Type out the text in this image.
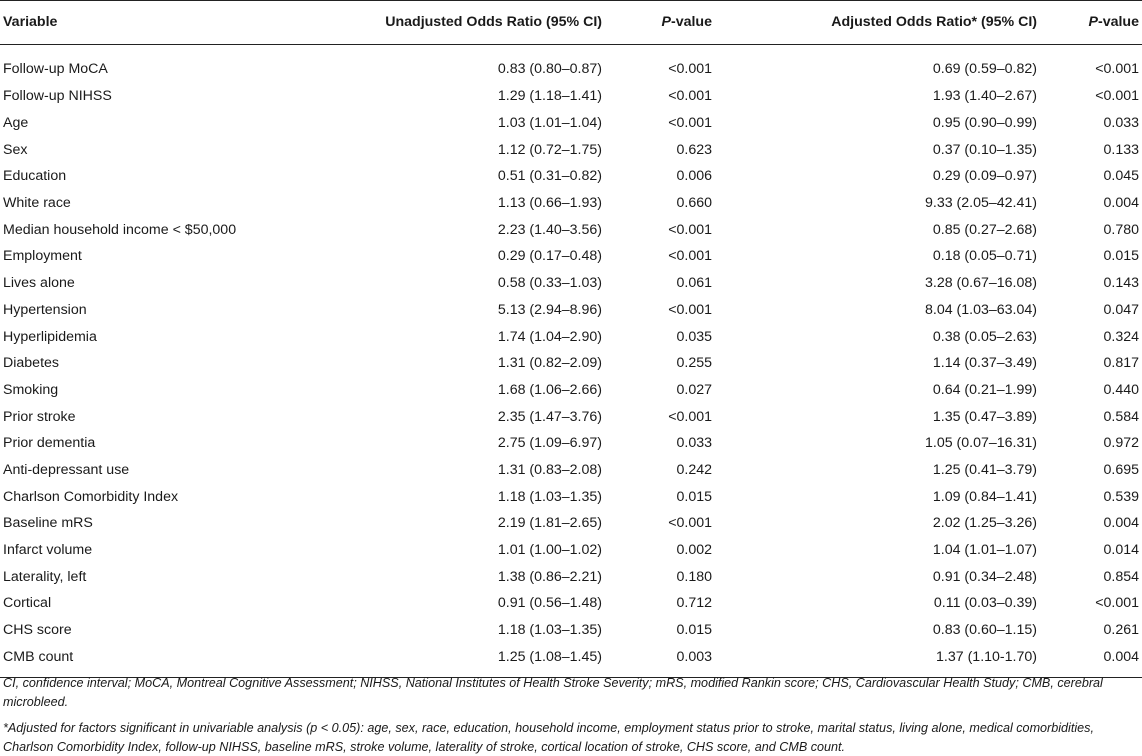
Variable	Unadjusted Odds Ratio (95% CI)	P-value	Adjusted Odds Ratio* (95% CI)	P-value
Follow-up MoCA	0.83 (0.80–0.87)	<0.001	0.69 (0.59–0.82)	<0.001
Follow-up NIHSS	1.29 (1.18–1.41)	<0.001	1.93 (1.40–2.67)	<0.001
Age	1.03 (1.01–1.04)	<0.001	0.95 (0.90–0.99)	0.033
Sex	1.12 (0.72–1.75)	0.623	0.37 (0.10–1.35)	0.133
Education	0.51 (0.31–0.82)	0.006	0.29 (0.09–0.97)	0.045
White race	1.13 (0.66–1.93)	0.660	9.33 (2.05–42.41)	0.004
Median household income < $50,000	2.23 (1.40–3.56)	<0.001	0.85 (0.27–2.68)	0.780
Employment	0.29 (0.17–0.48)	<0.001	0.18 (0.05–0.71)	0.015
Lives alone	0.58 (0.33–1.03)	0.061	3.28 (0.67–16.08)	0.143
Hypertension	5.13 (2.94–8.96)	<0.001	8.04 (1.03–63.04)	0.047
Hyperlipidemia	1.74 (1.04–2.90)	0.035	0.38 (0.05–2.63)	0.324
Diabetes	1.31 (0.82–2.09)	0.255	1.14 (0.37–3.49)	0.817
Smoking	1.68 (1.06–2.66)	0.027	0.64 (0.21–1.99)	0.440
Prior stroke	2.35 (1.47–3.76)	<0.001	1.35 (0.47–3.89)	0.584
Prior dementia	2.75 (1.09–6.97)	0.033	1.05 (0.07–16.31)	0.972
Anti-depressant use	1.31 (0.83–2.08)	0.242	1.25 (0.41–3.79)	0.695
Charlson Comorbidity Index	1.18 (1.03–1.35)	0.015	1.09 (0.84–1.41)	0.539
Baseline mRS	2.19 (1.81–2.65)	<0.001	2.02 (1.25–3.26)	0.004
Infarct volume	1.01 (1.00–1.02)	0.002	1.04 (1.01–1.07)	0.014
Laterality, left	1.38 (0.86–2.21)	0.180	0.91 (0.34–2.48)	0.854
Cortical	0.91 (0.56–1.48)	0.712	0.11 (0.03–0.39)	<0.001
CHS score	1.18 (1.03–1.35)	0.015	0.83 (0.60–1.15)	0.261
CMB count	1.25 (1.08–1.45)	0.003	1.37 (1.10-1.70)	0.004

CI, confidence interval; MoCA, Montreal Cognitive Assessment; NIHSS, National Institutes of Health Stroke Severity; mRS, modified Rankin score; CHS, Cardiovascular Health Study; CMB, cerebral microbleed.

*Adjusted for factors significant in univariable analysis (p < 0.05): age, sex, race, education, household income, employment status prior to stroke, marital status, living alone, medical comorbidities, Charlson Comorbidity Index, follow-up NIHSS, baseline mRS, stroke volume, laterality of stroke, cortical location of stroke, CHS score, and CMB count.
